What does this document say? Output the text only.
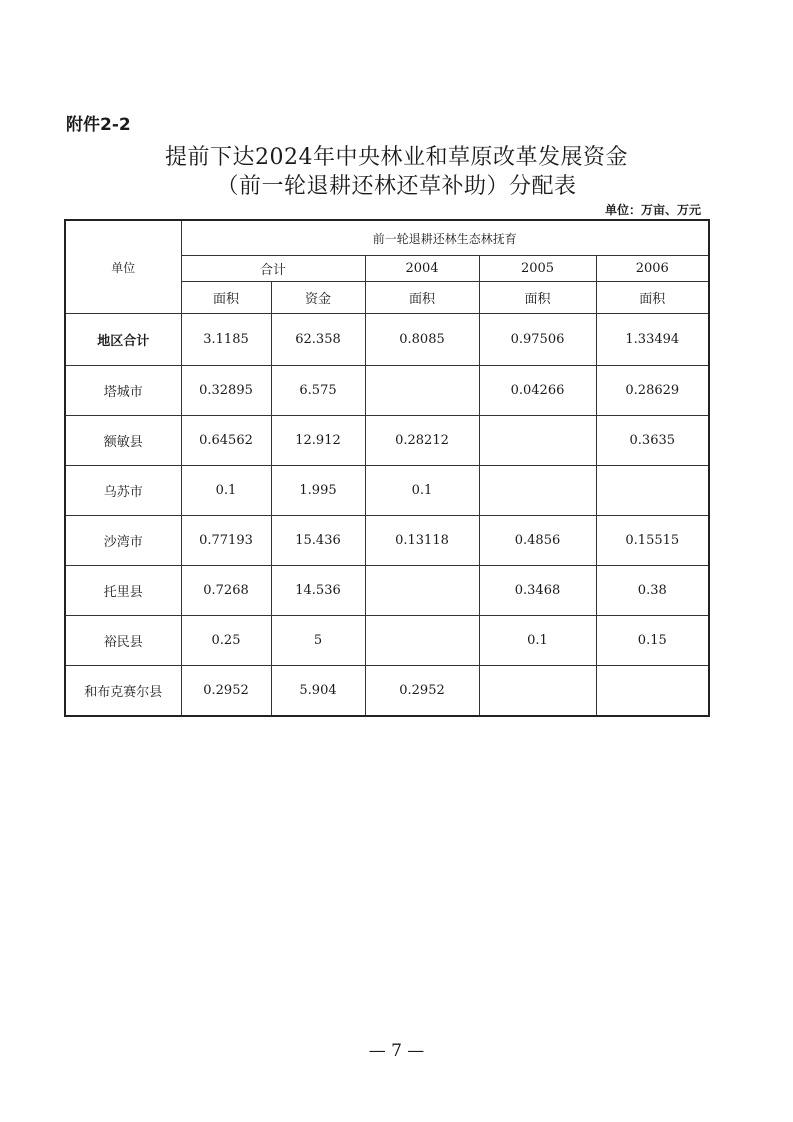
附件2-2
提前下达2024年中央林业和草原改革发展资金
（前一轮退耕还林还草补助）分配表
单位：万亩、万元
单位	前一轮退耕还林生态林抚育				
	合计		2004	2005	2006
	面积	资金	面积	面积	面积
地区合计	3.1185	62.358	0.8085	0.97506	1.33494
塔城市	0.32895	6.575		0.04266	0.28629
额敏县	0.64562	12.912	0.28212		0.3635
乌苏市	0.1	1.995	0.1		
沙湾市	0.77193	15.436	0.13118	0.4856	0.15515
托里县	0.7268	14.536		0.3468	0.38
裕民县	0.25	5		0.1	0.15
和布克赛尔县	0.2952	5.904	0.2952		
— 7 —
